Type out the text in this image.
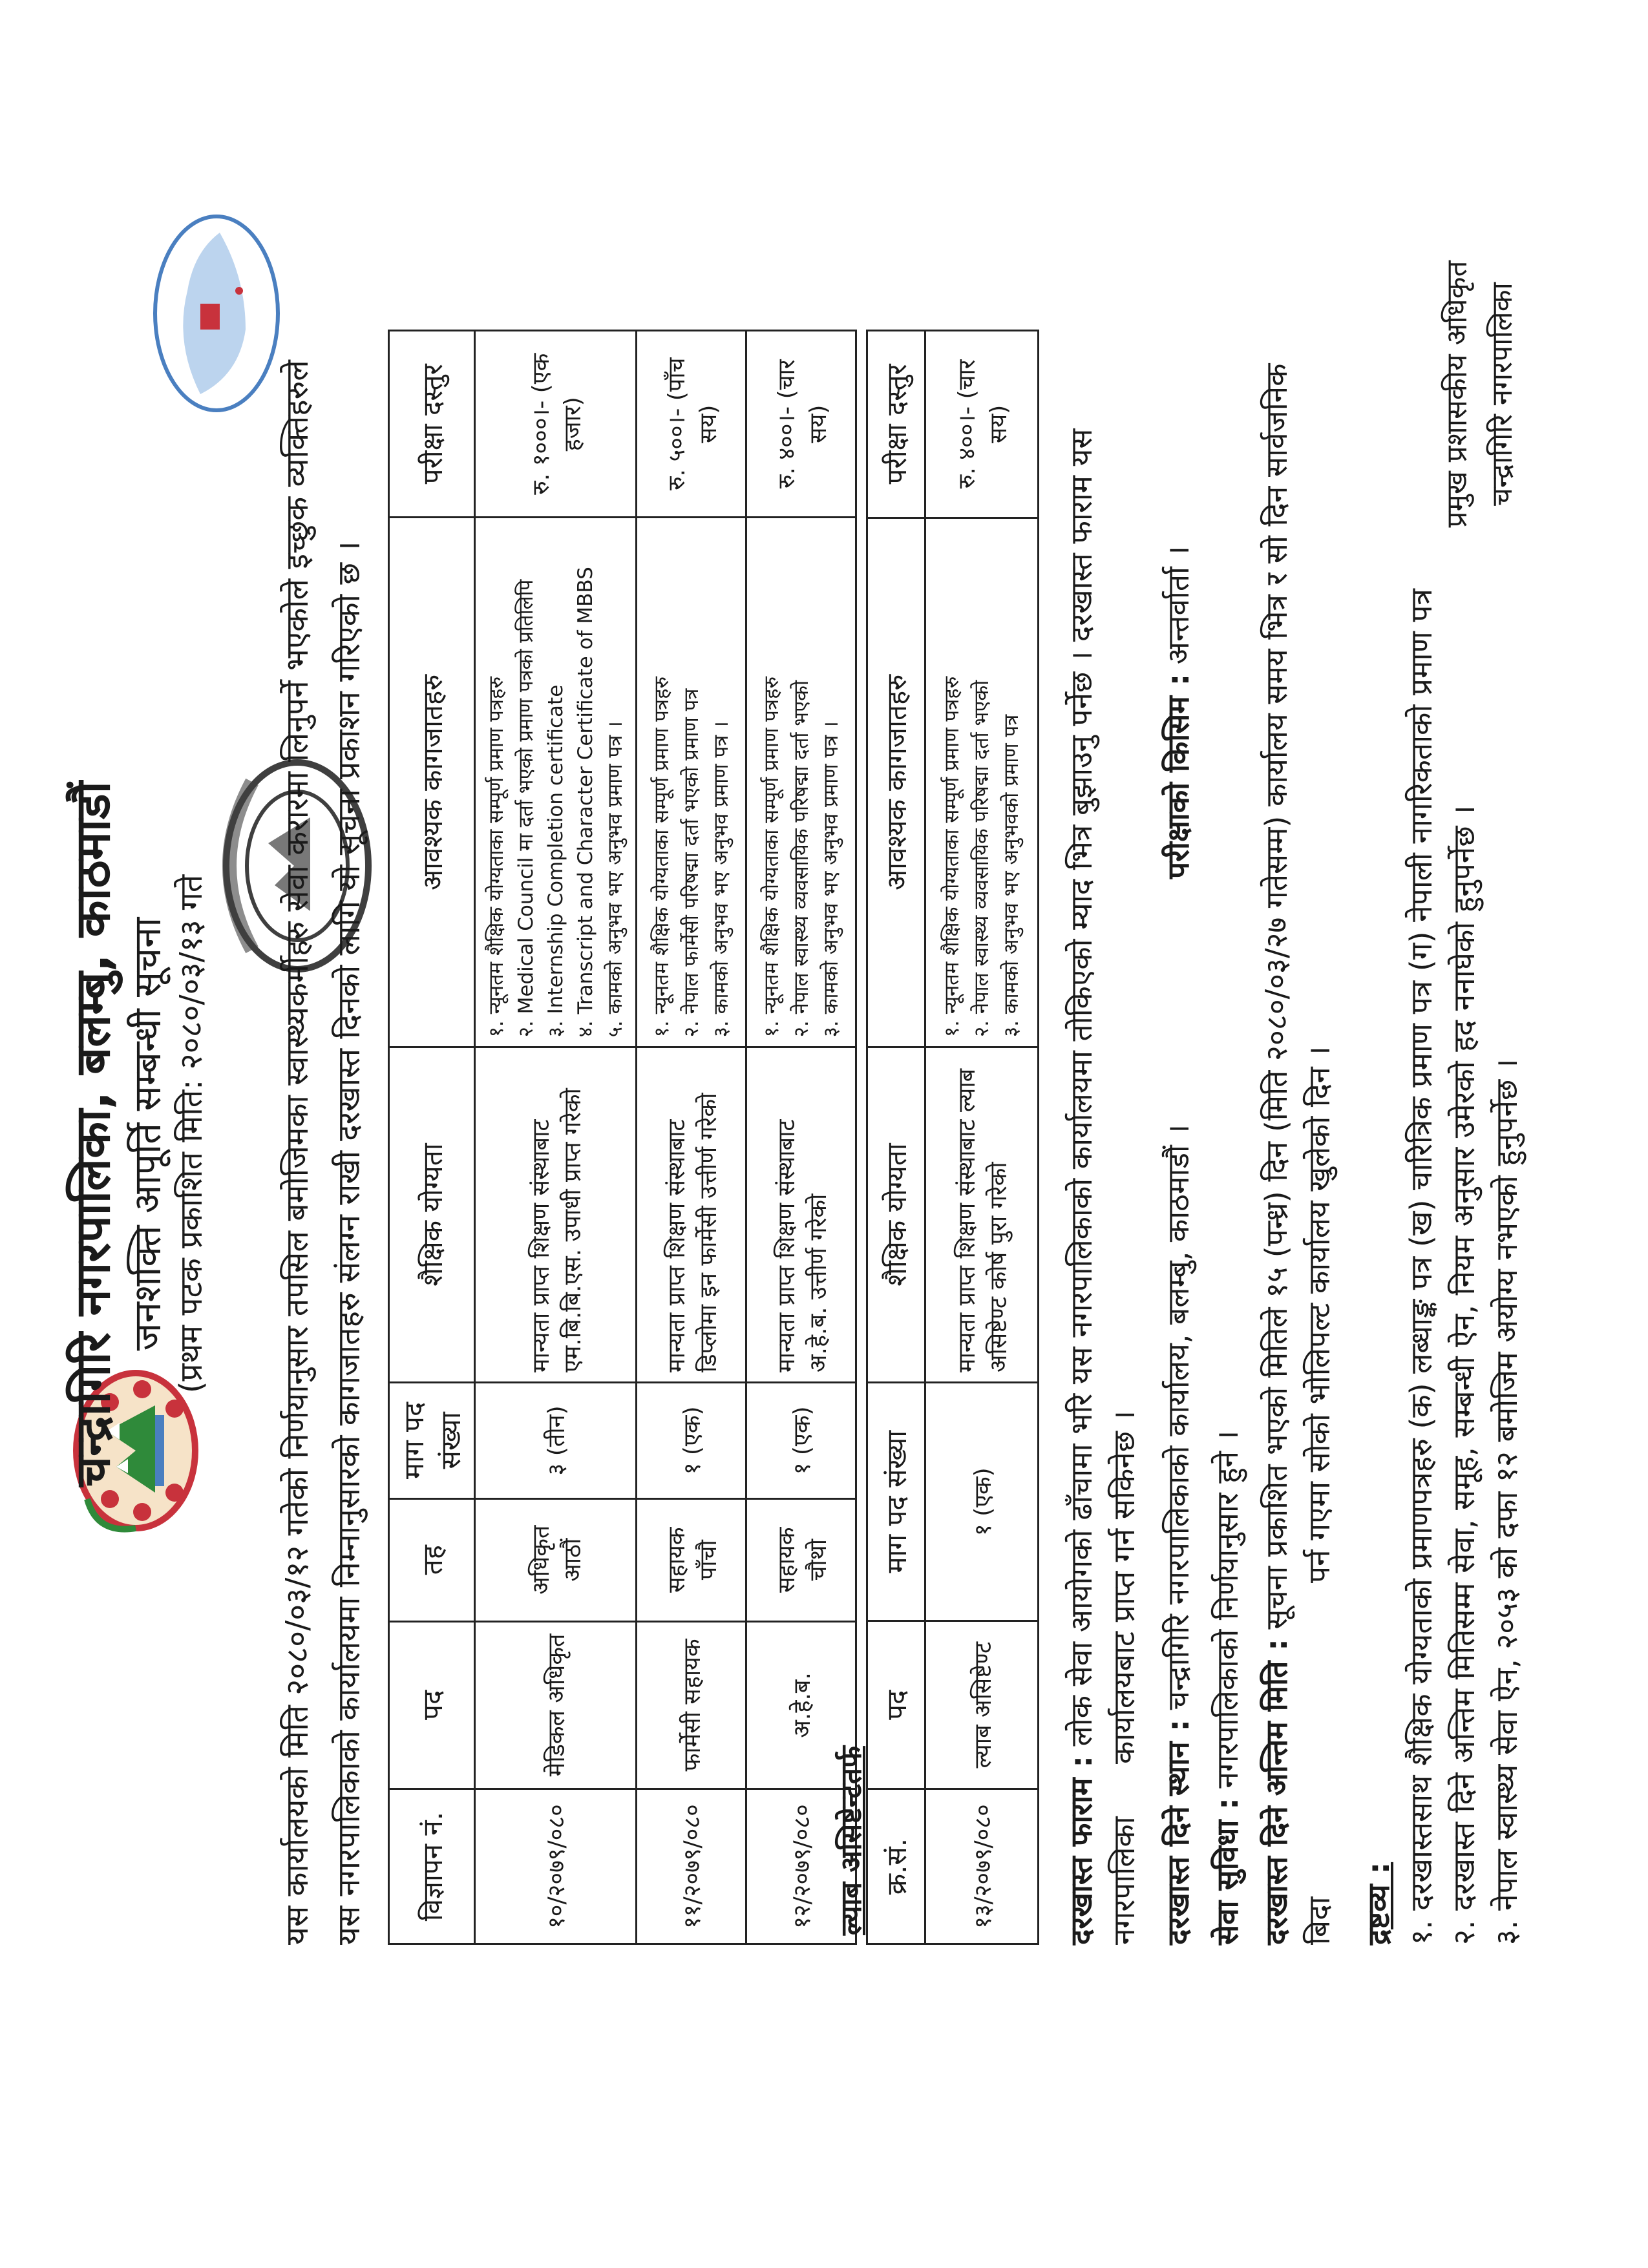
चन्द्रागिरि नगरपालिका, बलम्बु, काठमाडौं जनशक्ति आपूर्ति सम्बन्धी सूचना (प्रथम पटक प्रकाशित मिति: २०८०/०३/१३ गते यस कार्यालयको मिति २०८०/०३/१२ गतेको निर्णयानुसार तपसिल बमोजिमका स्वास्थ्यकर्मीहरु सेवा करारमा लिनुपर्ने भएकोले इच्छुक व्यक्तिहरुले यस नगरपालिकाको कार्यालयमा निम्नानुसारको कागजातहरु संलग्न राखी दरखास्त दिनको लागि यो सूचना प्रकाशन गरिएको छ । विज्ञापन नं.	पद	तह	माग पद संख्या	शैक्षिक योग्यता	आवश्यक कागजातहरु	परीक्षा दस्तुर
१०/२०७९/०८०	मेडिकल अधिकृत	अधिकृत आठौं	३ (तीन)	मान्यता प्राप्त शिक्षण संस्थाबाट एम.बि.बि.एस. उपाधी प्राप्त गरेको	१. न्यूनतम शैक्षिक योग्यताका सम्पूर्ण प्रमाण पत्रहरु २. Medical Council मा दर्ता भएको प्रमाण पत्रको प्रतिलिपि ३. Internship Completion certificate ४. Transcript and Character Certificate of MBBS ५. कामको अनुभव भए अनुभव प्रमाण पत्र ।	रु. १०००।- (एक हजार)
११/२०७९/०८०	फार्मेसी सहायक	सहायक पाँचौ	१ (एक)	मान्यता प्राप्त शिक्षण संस्थाबाट डिप्लोमा इन फार्मेसी उत्तीर्ण गरेको	१. न्यूनतम शैक्षिक योग्यताका सम्पूर्ण प्रमाण पत्रहरु २. नेपाल फार्मेसी परिषद्मा दर्ता भएको प्रमाण पत्र ३. कामको अनुभव भए अनुभव प्रमाण पत्र ।	रु. ५००।- (पाँच सय)
१२/२०७९/०८०	अ.हे.ब.	सहायक चौथो	१ (एक)	मान्यता प्राप्त शिक्षण संस्थाबाट अ.हे.ब. उत्तीर्ण गरेको	१. न्यूनतम शैक्षिक योग्यताका सम्पूर्ण प्रमाण पत्रहरु २. नेपाल स्वास्थ्य व्यवसायिक परिषद्मा दर्ता भएको ३. कामको अनुभव भए अनुभव प्रमाण पत्र ।	रु. ४००।- (चार सय)
ल्याब असिष्टेन्टतर्फ क्र.सं.	पद	माग पद संख्या	शैक्षिक योग्यता	आवश्यक कागजातहरु	परीक्षा दस्तुर
१३/२०७९/०८०	ल्याब असिष्टेण्ट	१ (एक)	मान्यता प्राप्त शिक्षण संस्थाबाट ल्याब असिष्टेण्ट कोर्ष पुरा गरेको	१. न्यूनतम शैक्षिक योग्यताका सम्पूर्ण प्रमाण पत्रहरु २. नेपाल स्वास्थ्य व्यवसायिक परिषद्मा दर्ता भएको ३. कामको अनुभव भए अनुभवको प्रमाण पत्र	रु. ४००।- (चार सय)
दरखास्त फाराम : लोक सेवा आयोगको ढाँचामा भरि यस नगरपालिकाको कार्यालयमा तोकिएको म्याद भित्र बुझाउनु पर्नेछ । दरखास्त फाराम यस नगरपालिका
कार्यालयबाट प्राप्त गर्न सकिनेछ ।
दरखास्त दिने स्थान : चन्द्रागिरि नगरपालिकाको कार्यालय, बलम्बु, काठमाडौं ।
परीक्षाको किसिम : अन्तर्वार्ता ।
सेवा सुविधा : नगरपालिकाको निर्णयानुसार हुने ।
दरखास्त दिने अन्तिम मिति : सूचना प्रकाशित भएको मितिले १५ (पन्ध्र) दिन (मिति २०८०/०३/२७ गतेसम्म) कार्यालय समय भित्र र सो दिन सार्वजनिक बिदा
पर्न गएमा सोको भोलिपल्ट कार्यालय खुलेको दिन ।
द्रष्टव्य : १. दरखास्तसाथ शैक्षिक योग्यताको प्रमाणपत्रहरु (क) लब्धाङ्क पत्र (ख) चारित्रिक प्रमाण पत्र (ग) नेपाली नागरिकताको प्रमाण पत्र २. दरखास्त दिने अन्तिम मितिसम्म सेवा, समूह, सम्बन्धी ऐन, नियम अनुसार उमेरको हद ननाघेको हुनुपर्नेछ । ३. नेपाल स्वास्थ्य सेवा ऐन, २०५३ को दफा १२ बमोजिम अयोग्य नभएको हुनुपर्नेछ ।
प्रमुख प्रशासकीय अधिकृत चन्द्रागिरि नगरपालिका
